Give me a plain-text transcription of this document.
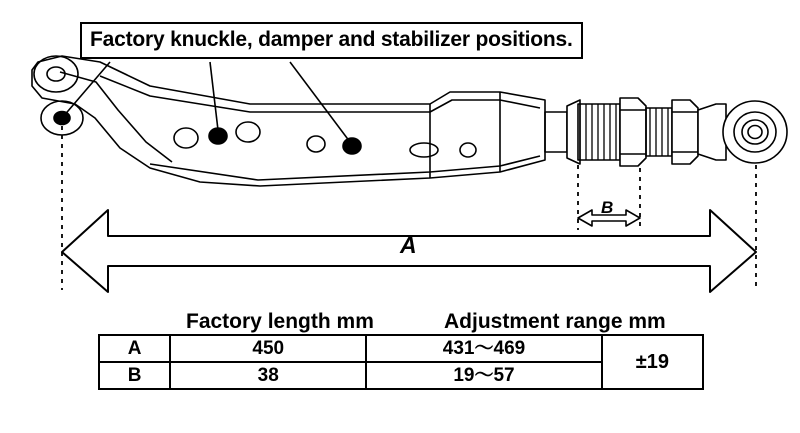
Factory knuckle, damper and stabilizer positions.
A
B
Factory length mm	Adjustment range mm
A	450	431〜469	±19
B	38	19〜57	
